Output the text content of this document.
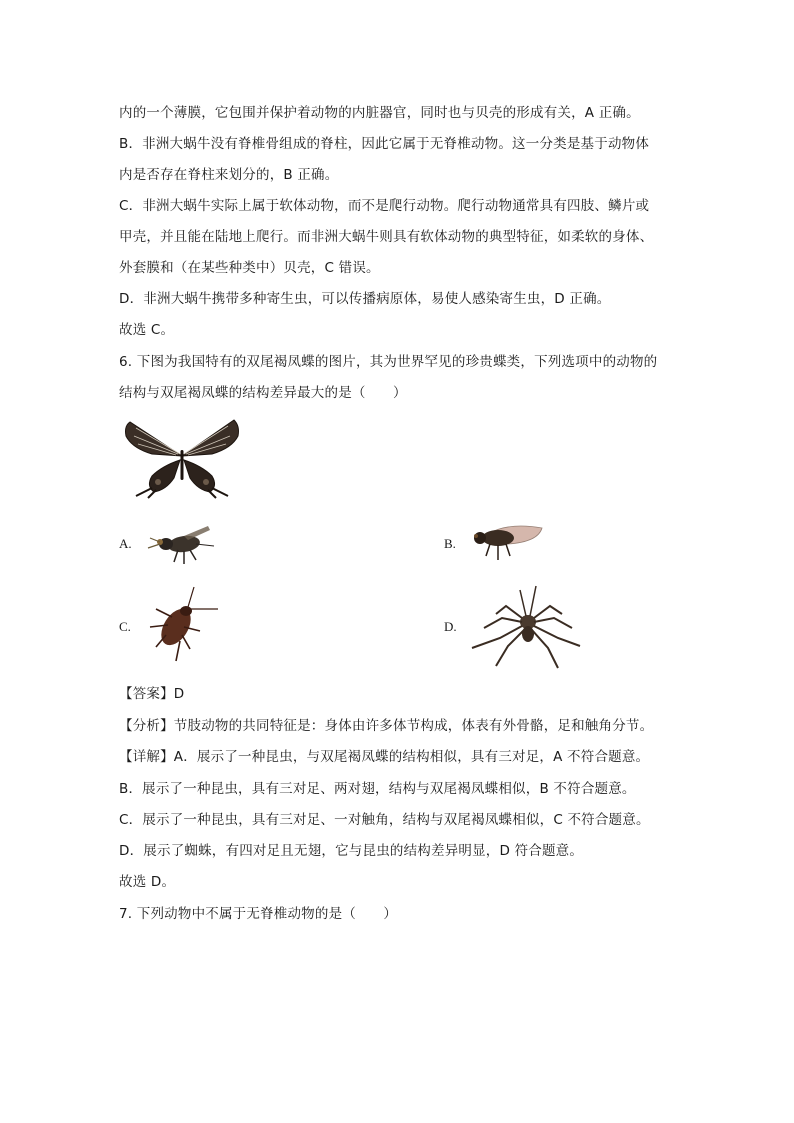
内的一个薄膜，它包围并保护着动物的内脏器官，同时也与贝壳的形成有关，A 正确。
B．非洲大蜗牛没有脊椎骨组成的脊柱，因此它属于无脊椎动物。这一分类是基于动物体
内是否存在脊柱来划分的，B 正确。
C．非洲大蜗牛实际上属于软体动物，而不是爬行动物。爬行动物通常具有四肢、鳞片或
甲壳，并且能在陆地上爬行。而非洲大蜗牛则具有软体动物的典型特征，如柔软的身体、
外套膜和（在某些种类中）贝壳，C 错误。
D．非洲大蜗牛携带多种寄生虫，可以传播病原体，易使人感染寄生虫，D 正确。
故选 C。
6. 下图为我国特有的双尾褐凤蝶的图片，其为世界罕见的珍贵蝶类，下列选项中的动物的
结构与双尾褐凤蝶的结构差异最大的是（　　）
A.	B.
C.	D.
【答案】D
【分析】节肢动物的共同特征是：身体由许多体节构成，体表有外骨骼，足和触角分节。
【详解】A．展示了一种昆虫，与双尾褐凤蝶的结构相似，具有三对足，A 不符合题意。
B．展示了一种昆虫，具有三对足、两对翅，结构与双尾褐凤蝶相似，B 不符合题意。
C．展示了一种昆虫，具有三对足、一对触角，结构与双尾褐凤蝶相似，C 不符合题意。
D．展示了蜘蛛，有四对足且无翅，它与昆虫的结构差异明显，D 符合题意。
故选 D。
7. 下列动物中不属于无脊椎动物的是（　　）
